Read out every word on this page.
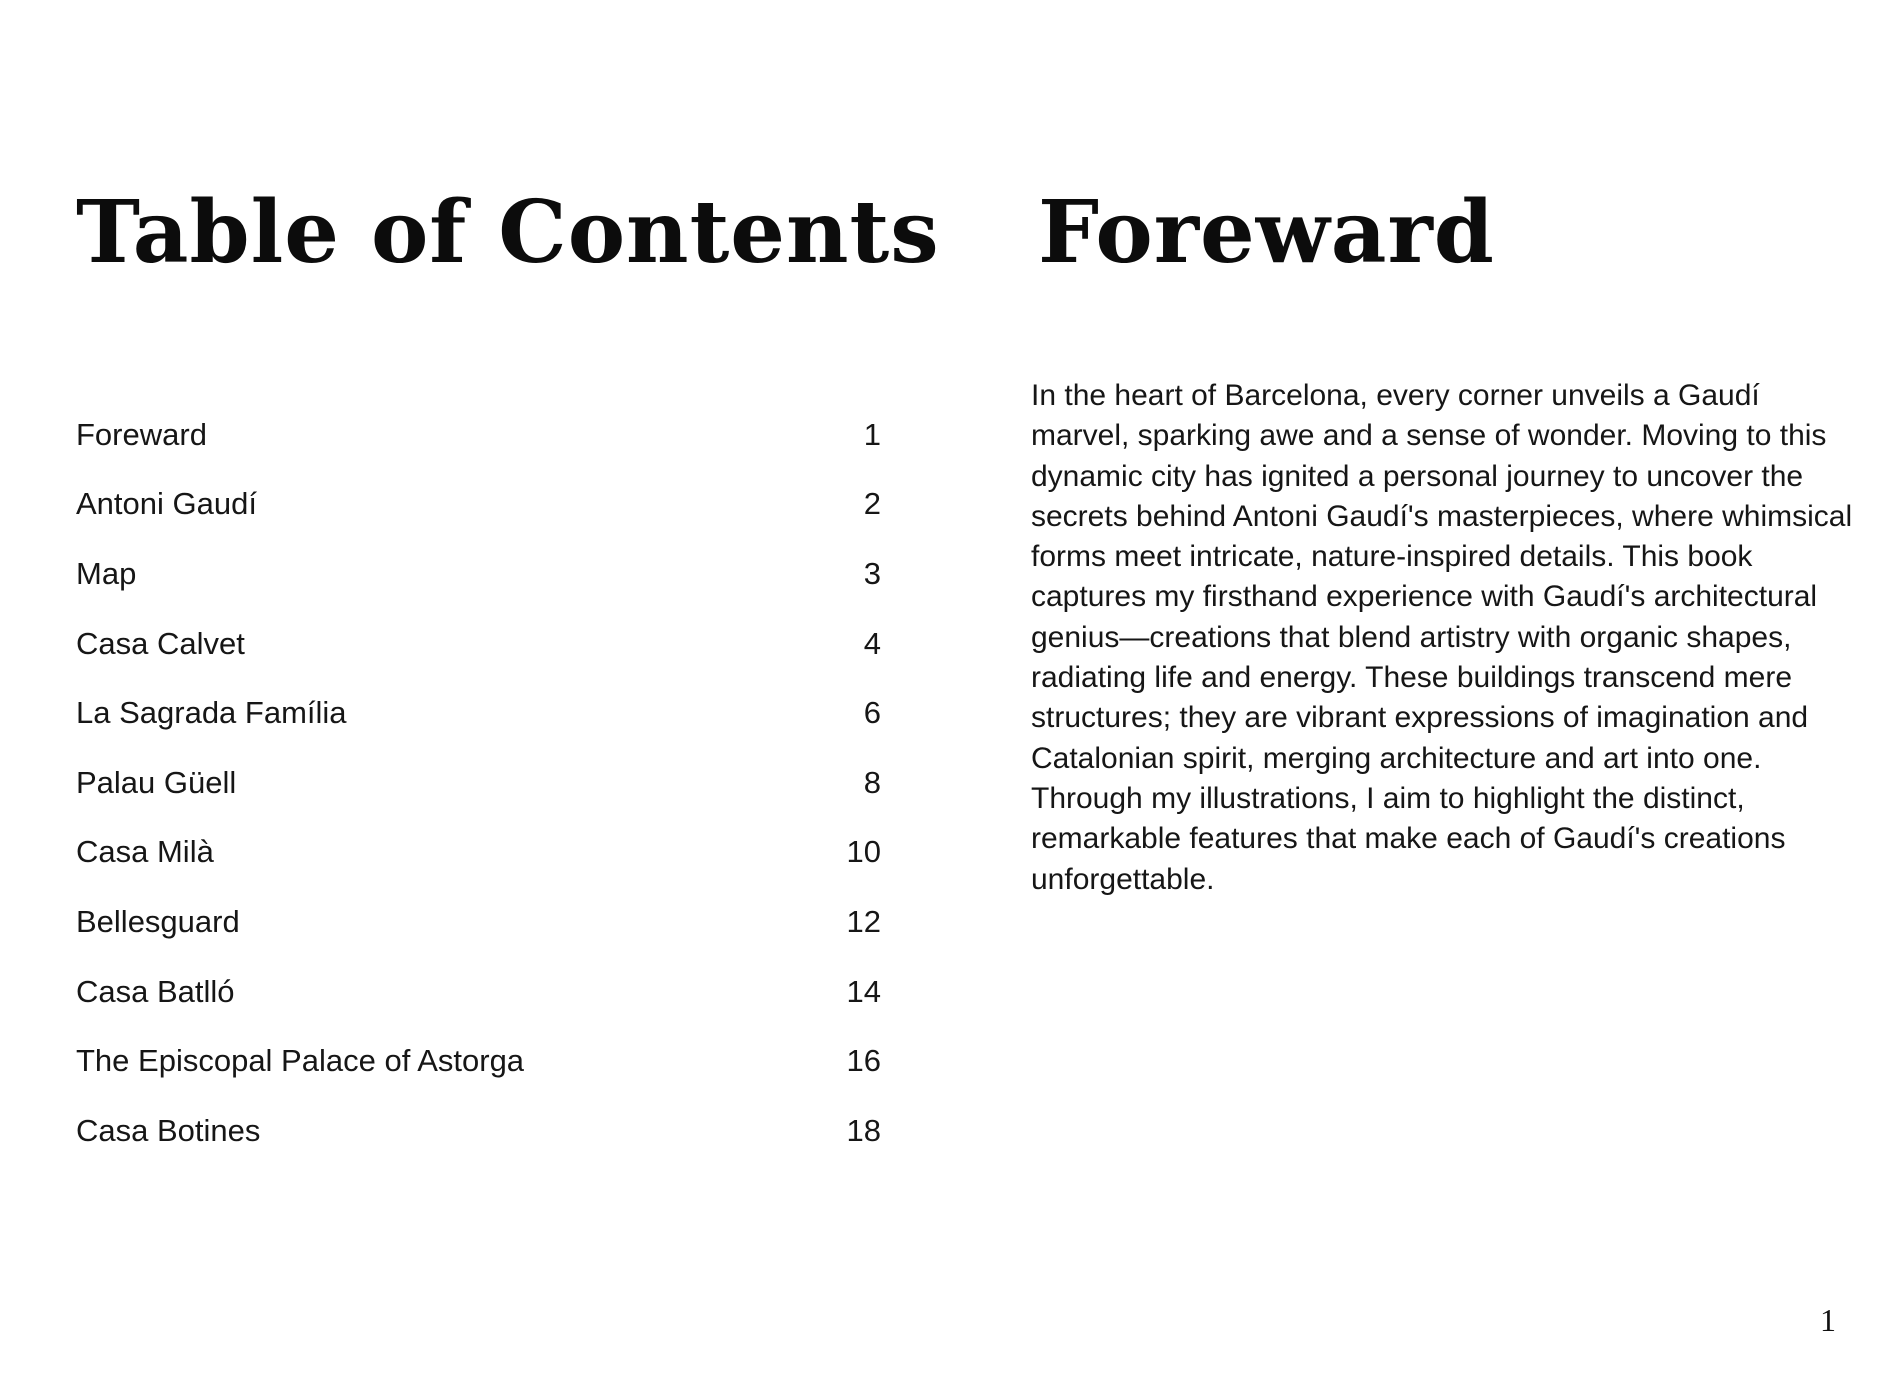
Table of Contents
Foreward	1
Antoni Gaudí	2
Map	3
Casa Calvet	4
La Sagrada Família	6
Palau Güell	8
Casa Milà	10
Bellesguard	12
Casa Batlló	14
The Episcopal Palace of Astorga	16
Casa Botines	18
Foreward

In the heart of Barcelona, every corner unveils a Gaudí marvel, sparking awe and a sense of wonder. Moving to this dynamic city has ignited a personal journey to uncover the secrets behind Antoni Gaudí's masterpieces, where whimsical forms meet intricate, nature-inspired details. This book captures my firsthand experience with Gaudí's architectural genius—creations that blend artistry with organic shapes, radiating life and energy. These buildings transcend mere structures; they are vibrant expressions of imagination and Catalonian spirit, merging architecture and art into one. Through my illustrations, I aim to highlight the distinct, remarkable features that make each of Gaudí's creations unforgettable.

1
